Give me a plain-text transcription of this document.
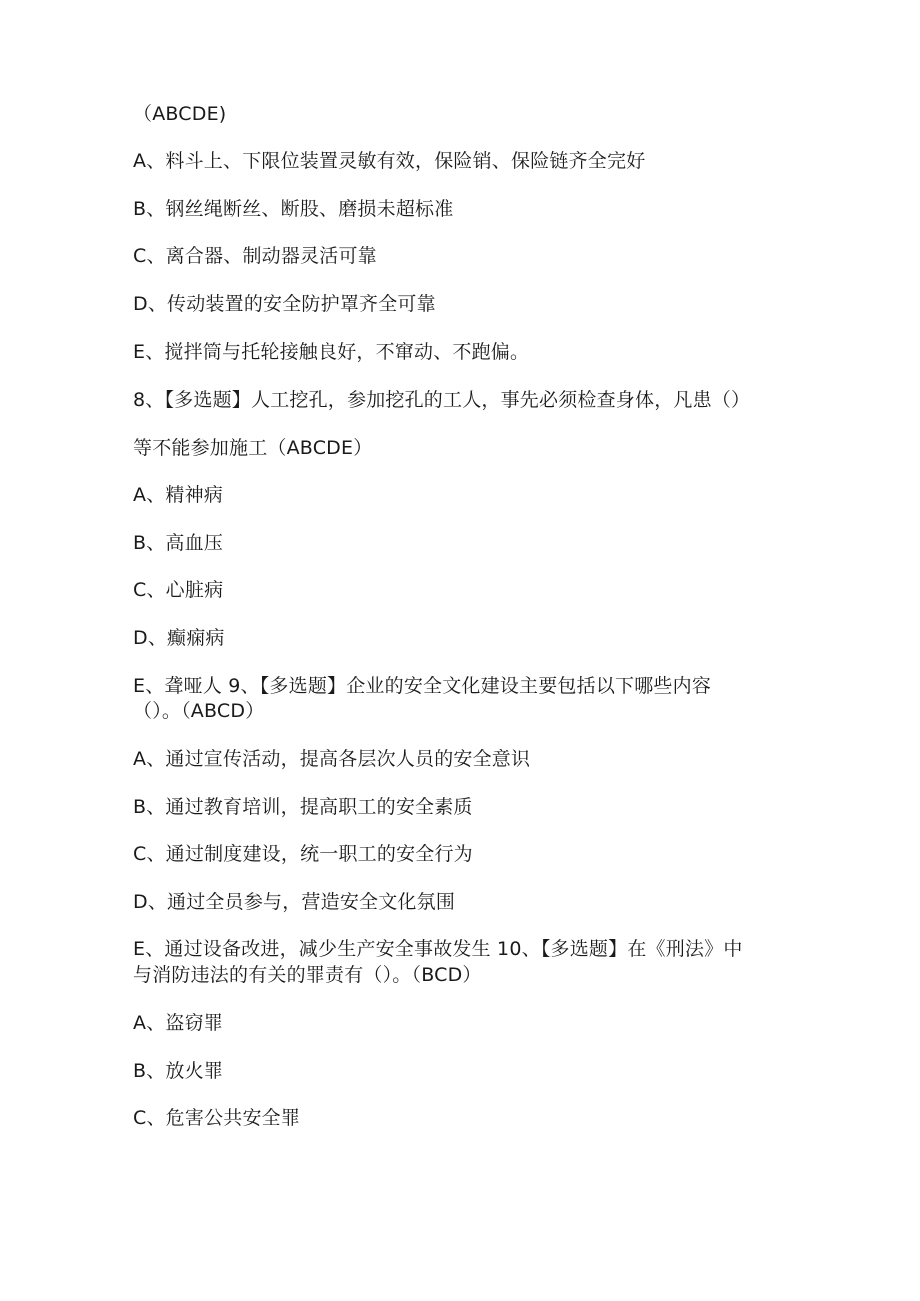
（ABCDE)
A、料斗上、下限位装置灵敏有效，保险销、保险链齐全完好
B、钢丝绳断丝、断股、磨损未超标准
C、离合器、制动器灵活可靠
D、传动装置的安全防护罩齐全可靠
E、搅拌筒与托轮接触良好，不窜动、不跑偏。
8、【多选题】人工挖孔，参加挖孔的工人，事先必须检查身体，凡患（）
等不能参加施工（ABCDE）
A、精神病
B、高血压
C、心脏病
D、癫痫病
E、聋哑人 9、【多选题】企业的安全文化建设主要包括以下哪些内容
（）。（ABCD）
A、通过宣传活动，提高各层次人员的安全意识
B、通过教育培训，提高职工的安全素质
C、通过制度建设，统一职工的安全行为
D、通过全员参与，营造安全文化氛围
E、通过设备改进，减少生产安全事故发生 10、【多选题】在《刑法》中
与消防违法的有关的罪责有（）。（BCD）
A、盗窃罪
B、放火罪
C、危害公共安全罪
